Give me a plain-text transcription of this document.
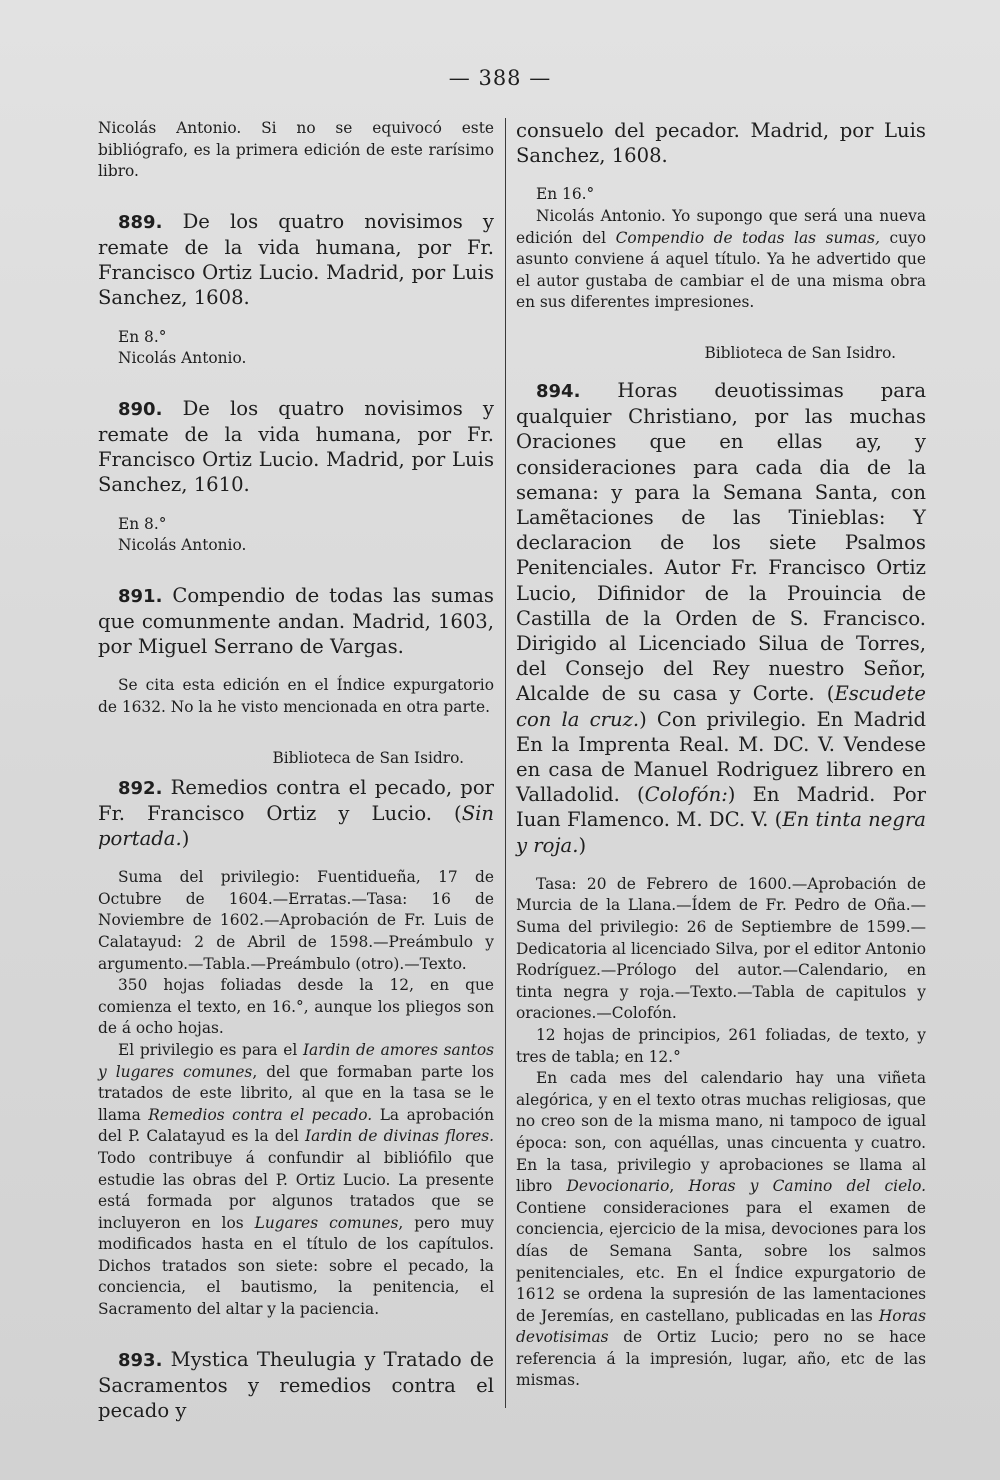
— 388 —

Nicolás Antonio. Si no se equivocó este bibliógrafo, es la primera edición de este rarísimo libro.

889. De los quatro novisimos y remate de la vida humana, por Fr. Francisco Ortiz Lucio. Madrid, por Luis Sanchez, 1608.

En 8.°

Nicolás Antonio.

890. De los quatro novisimos y remate de la vida humana, por Fr. Francisco Ortiz Lucio. Madrid, por Luis Sanchez, 1610.

En 8.°

Nicolás Antonio.

891. Compendio de todas las sumas que comunmente andan. Madrid, 1603, por Miguel Serrano de Vargas.

Se cita esta edición en el Índice expurgatorio de 1632. No la he visto mencionada en otra parte.

Biblioteca de San Isidro.

892. Remedios contra el pecado, por Fr. Francisco Ortiz y Lucio. (Sin portada.)

Suma del privilegio: Fuentidueña, 17 de Octubre de 1604.—Erratas.—Tasa: 16 de Noviembre de 1602.—Aprobación de Fr. Luis de Calatayud: 2 de Abril de 1598.—Preámbulo y argumento.—Tabla.—Preámbulo (otro).—Texto.

350 hojas foliadas desde la 12, en que comienza el texto, en 16.°, aunque los pliegos son de á ocho hojas.

El privilegio es para el Iardin de amores santos y lugares comunes, del que formaban parte los tratados de este librito, al que en la tasa se le llama Remedios contra el pecado. La aprobación del P. Calatayud es la del Iardin de divinas flores. Todo contribuye á confundir al bibliófilo que estudie las obras del P. Ortiz Lucio. La presente está formada por algunos tratados que se incluyeron en los Lugares comunes, pero muy modificados hasta en el título de los capítulos. Dichos tratados son siete: sobre el pecado, la conciencia, el bautismo, la penitencia, el Sacramento del altar y la paciencia.

893. Mystica Theulugia y Tratado de Sacramentos y remedios contra el pecado y

consuelo del pecador. Madrid, por Luis Sanchez, 1608.

En 16.°

Nicolás Antonio. Yo supongo que será una nueva edición del Compendio de todas las sumas, cuyo asunto conviene á aquel título. Ya he advertido que el autor gustaba de cambiar el de una misma obra en sus diferentes impresiones.

Biblioteca de San Isidro.

894. Horas deuotissimas para qualquier Christiano, por las muchas Oraciones que en ellas ay, y consideraciones para cada dia de la semana: y para la Semana Santa, con Lamẽtaciones de las Tinieblas: Y declaracion de los siete Psalmos Penitenciales. Autor Fr. Francisco Ortiz Lucio, Difinidor de la Prouincia de Castilla de la Orden de S. Francisco. Dirigido al Licenciado Silua de Torres, del Consejo del Rey nuestro Señor, Alcalde de su casa y Corte. (Escudete con la cruz.) Con privilegio. En Madrid En la Imprenta Real. M. DC. V. Vendese en casa de Manuel Rodriguez librero en Valladolid. (Colofón:) En Madrid. Por Iuan Flamenco. M. DC. V. (En tinta negra y roja.)

Tasa: 20 de Febrero de 1600.—Aprobación de Murcia de la Llana.—Ídem de Fr. Pedro de Oña.—Suma del privilegio: 26 de Septiembre de 1599.—Dedicatoria al licenciado Silva, por el editor Antonio Rodríguez.—Prólogo del autor.—Calendario, en tinta negra y roja.—Texto.—Tabla de capitulos y oraciones.—Colofón.

12 hojas de principios, 261 foliadas, de texto, y tres de tabla; en 12.°

En cada mes del calendario hay una viñeta alegórica, y en el texto otras muchas religiosas, que no creo son de la misma mano, ni tampoco de igual época: son, con aquéllas, unas cincuenta y cuatro. En la tasa, privilegio y aprobaciones se llama al libro Devocionario, Horas y Camino del cielo. Contiene consideraciones para el examen de conciencia, ejercicio de la misa, devociones para los días de Semana Santa, sobre los salmos penitenciales, etc. En el Índice expurgatorio de 1612 se ordena la supresión de las lamentaciones de Jeremías, en castellano, publicadas en las Horas devotisimas de Ortiz Lucio; pero no se hace referencia á la impresión, lugar, año, etc de las mismas.
